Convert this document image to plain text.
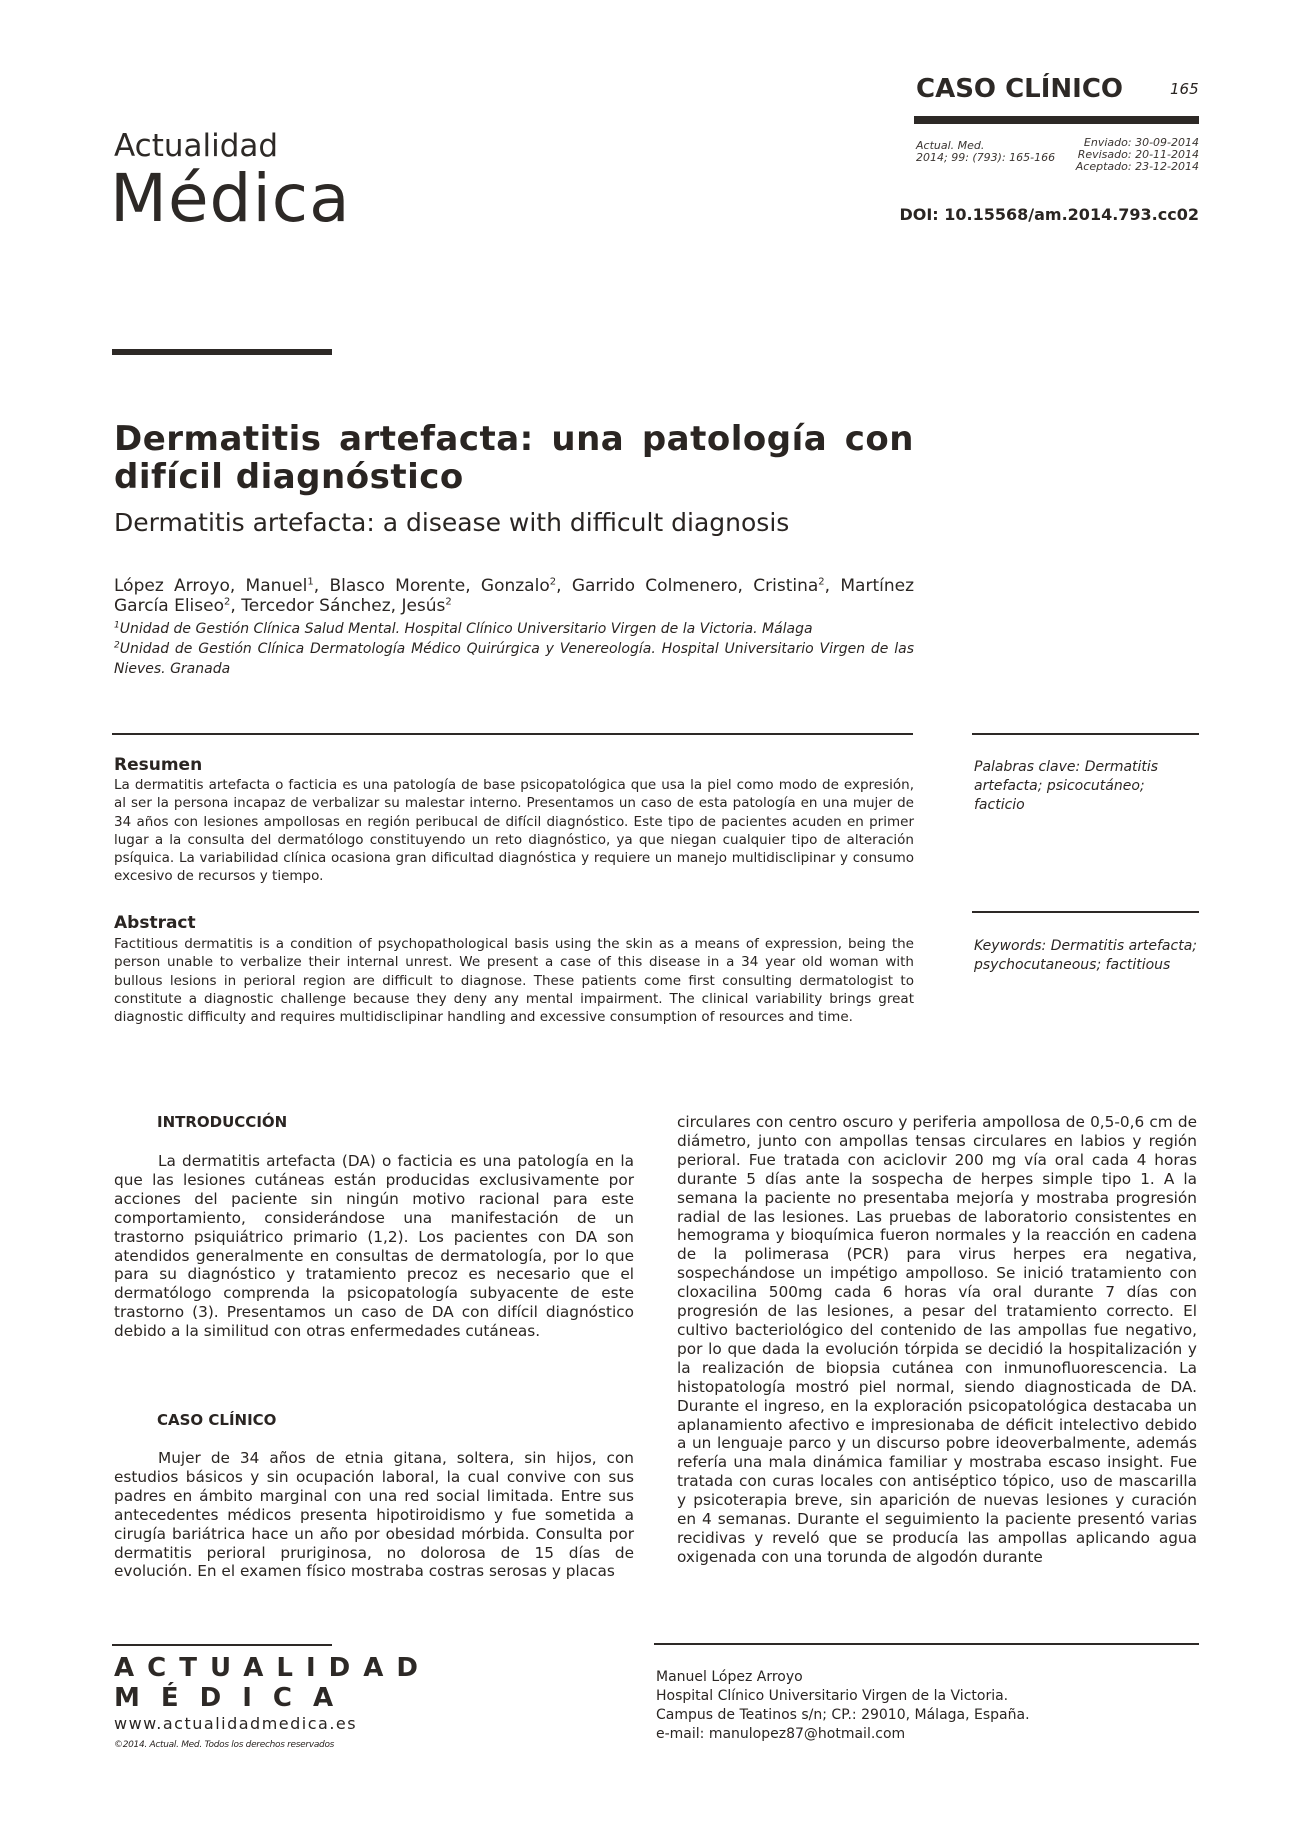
Actualidad
Médica
CASO CLÍNICO	165
Actual. Med.
2014; 99: (793): 165-166
Enviado: 30-09-2014
Revisado: 20-11-2014
Aceptado: 23-12-2014
DOI: 10.15568/am.2014.793.cc02
Dermatitis artefacta: una patología con difícil diagnóstico
Dermatitis artefacta: a disease with difficult diagnosis
López Arroyo, Manuel$^1$, Blasco Morente, Gonzalo$^2$, Garrido Colmenero, Cristina$^2$, Martínez García Eliseo$^2$, Tercedor Sánchez, Jesús$^2$
$^1$Unidad de Gestión Clínica Salud Mental. Hospital Clínico Universitario Virgen de la Victoria. Málaga
$^2$Unidad de Gestión Clínica Dermatología Médico Quirúrgica y Venereología. Hospital Universitario Virgen de las Nieves. Granada
Resumen
La dermatitis artefacta o facticia es una patología de base psicopatológica que usa la piel como modo de expresión, al ser la persona incapaz de verbalizar su malestar interno. Presentamos un caso de esta patología en una mujer de 34 años con lesiones ampollosas en región peribucal de difícil diagnóstico. Este tipo de pacientes acuden en primer lugar a la consulta del dermatólogo constituyendo un reto diagnóstico, ya que niegan cualquier tipo de alteración psíquica. La variabilidad clínica ocasiona gran dificultad diagnóstica y requiere un manejo multidisclipinar y consumo excesivo de recursos y tiempo.
Palabras clave: Dermatitis artefacta; psicocutáneo; facticio
Abstract
Factitious dermatitis is a condition of psychopathological basis using the skin as a means of expression, being the person unable to verbalize their internal unrest. We present a case of this disease in a 34 year old woman with bullous lesions in perioral region are difficult to diagnose. These patients come first consulting dermatologist to constitute a diagnostic challenge because they deny any mental impairment. The clinical variability brings great diagnostic difficulty and requires multidisclipinar handling and excessive consumption of resources and time.
Keywords: Dermatitis artefacta; psychocutaneous; factitious
INTRODUCCIÓN

La dermatitis artefacta (DA) o facticia es una patología en la que las lesiones cutáneas están producidas exclusivamente por acciones del paciente sin ningún motivo racional para este comportamiento, considerándose una manifestación de un trastorno psiquiátrico primario (1,2). Los pacientes con DA son atendidos generalmente en consultas de dermatología, por lo que para su diagnóstico y tratamiento precoz es necesario que el dermatólogo comprenda la psicopatología subyacente de este trastorno (3). Presentamos un caso de DA con difícil diagnóstico debido a la similitud con otras enfermedades cutáneas.

CASO CLÍNICO

Mujer de 34 años de etnia gitana, soltera, sin hijos, con estudios básicos y sin ocupación laboral, la cual convive con sus padres en ámbito marginal con una red social limitada. Entre sus antecedentes médicos presenta hipotiroidismo y fue sometida a cirugía bariátrica hace un año por obesidad mórbida. Consulta por dermatitis perioral pruriginosa, no dolorosa de 15 días de evolución. En el examen físico mostraba costras serosas y placas

circulares con centro oscuro y periferia ampollosa de 0,5-0,6 cm de diámetro, junto con ampollas tensas circulares en labios y región perioral. Fue tratada con aciclovir 200 mg vía oral cada 4 horas durante 5 días ante la sospecha de herpes simple tipo 1. A la semana la paciente no presentaba mejoría y mostraba progresión radial de las lesiones. Las pruebas de laboratorio consistentes en hemograma y bioquímica fueron normales y la reacción en cadena de la polimerasa (PCR) para virus herpes era negativa, sospechándose un impétigo ampolloso. Se inició tratamiento con cloxacilina 500mg cada 6 horas vía oral durante 7 días con progresión de las lesiones, a pesar del tratamiento correcto. El cultivo bacteriológico del contenido de las ampollas fue negativo, por lo que dada la evolución tórpida se decidió la hospitalización y la realización de biopsia cutánea con inmunofluorescencia. La histopatología mostró piel normal, siendo diagnosticada de DA. Durante el ingreso, en la exploración psicopatológica destacaba un aplanamiento afectivo e impresionaba de déficit intelectivo debido a un lenguaje parco y un discurso pobre ideoverbalmente, además refería una mala dinámica familiar y mostraba escaso insight. Fue tratada con curas locales con antiséptico tópico, uso de mascarilla y psicoterapia breve, sin aparición de nuevas lesiones y curación en 4 semanas. Durante el seguimiento la paciente presentó varias recidivas y reveló que se producía las ampollas aplicando agua oxigenada con una torunda de algodón durante

ACTUALIDAD
www.actualidadmedica.es
©2014. Actual. Med. Todos los derechos reservados
MÉDICA
Manuel López Arroyo
Hospital Clínico Universitario Virgen de la Victoria.
Campus de Teatinos s/n; CP.: 29010, Málaga, España.
e-mail: manulopez87@hotmail.com
